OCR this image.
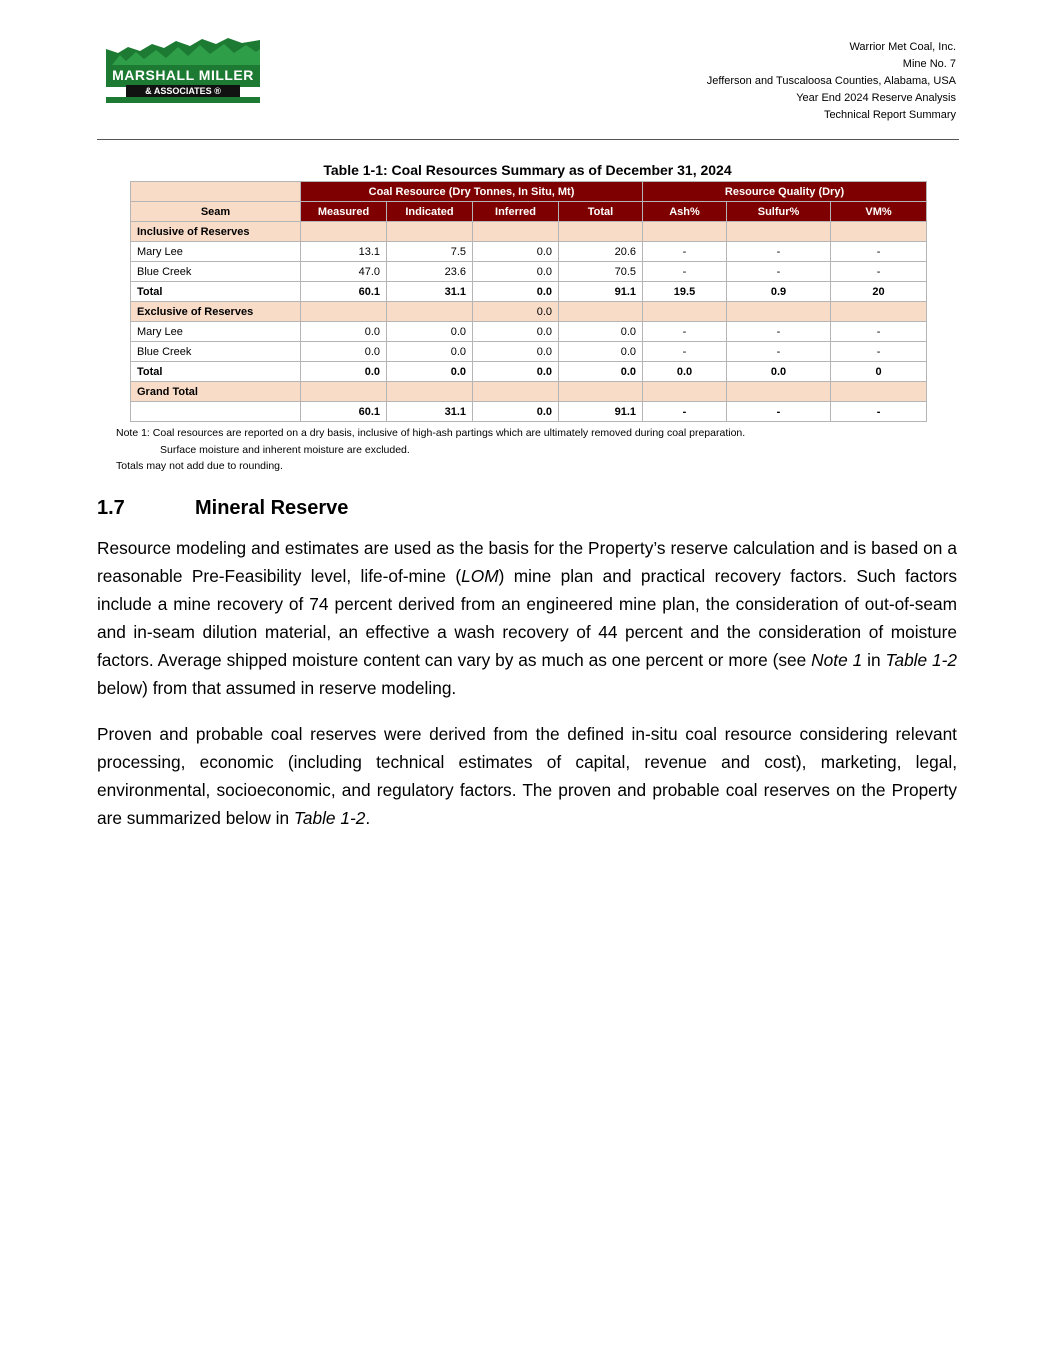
MARSHALL MILLER
& ASSOCIATES ®
Warrior Met Coal, Inc.
Mine No. 7
Jefferson and Tuscaloosa Counties, Alabama, USA
Year End 2024 Reserve Analysis
Technical Report Summary
Table 1-1: Coal Resources Summary as of December 31, 2024
	Coal Resource (Dry Tonnes, In Situ, Mt)				Resource Quality (Dry)		
Seam	Measured	Indicated	Inferred	Total	Ash%	Sulfur%	VM%
Inclusive of Reserves							
Mary Lee	13.1	7.5	0.0	20.6	-	-	-
Blue Creek	47.0	23.6	0.0	70.5	-	-	-
Total	60.1	31.1	0.0	91.1	19.5	0.9	20
Exclusive of Reserves			0.0				
Mary Lee	0.0	0.0	0.0	0.0	-	-	-
Blue Creek	0.0	0.0	0.0	0.0	-	-	-
Total	0.0	0.0	0.0	0.0	0.0	0.0	0
Grand Total							
	60.1	31.1	0.0	91.1	-	-	-
Note 1: Coal resources are reported on a dry basis, inclusive of high-ash partings which are ultimately removed during coal preparation.
Surface moisture and inherent moisture are excluded.
Totals may not add due to rounding.
1.7	Mineral Reserve
Resource modeling and estimates are used as the basis for the Property’s reserve calculation and is based on a reasonable Pre-Feasibility level, life-of-mine (LOM) mine plan and practical recovery factors. Such factors include a mine recovery of 74 percent derived from an engineered mine plan, the consideration of out-of-seam and in-seam dilution material, an effective a wash recovery of 44 percent and the consideration of moisture factors. Average shipped moisture content can vary by as much as one percent or more (see Note 1 in Table 1-2 below) from that assumed in reserve modeling.
Proven and probable coal reserves were derived from the defined in-situ coal resource considering relevant processing, economic (including technical estimates of capital, revenue and cost), marketing, legal, environmental, socioeconomic, and regulatory factors. The proven and probable coal reserves on the Property are summarized below in Table 1-2.
